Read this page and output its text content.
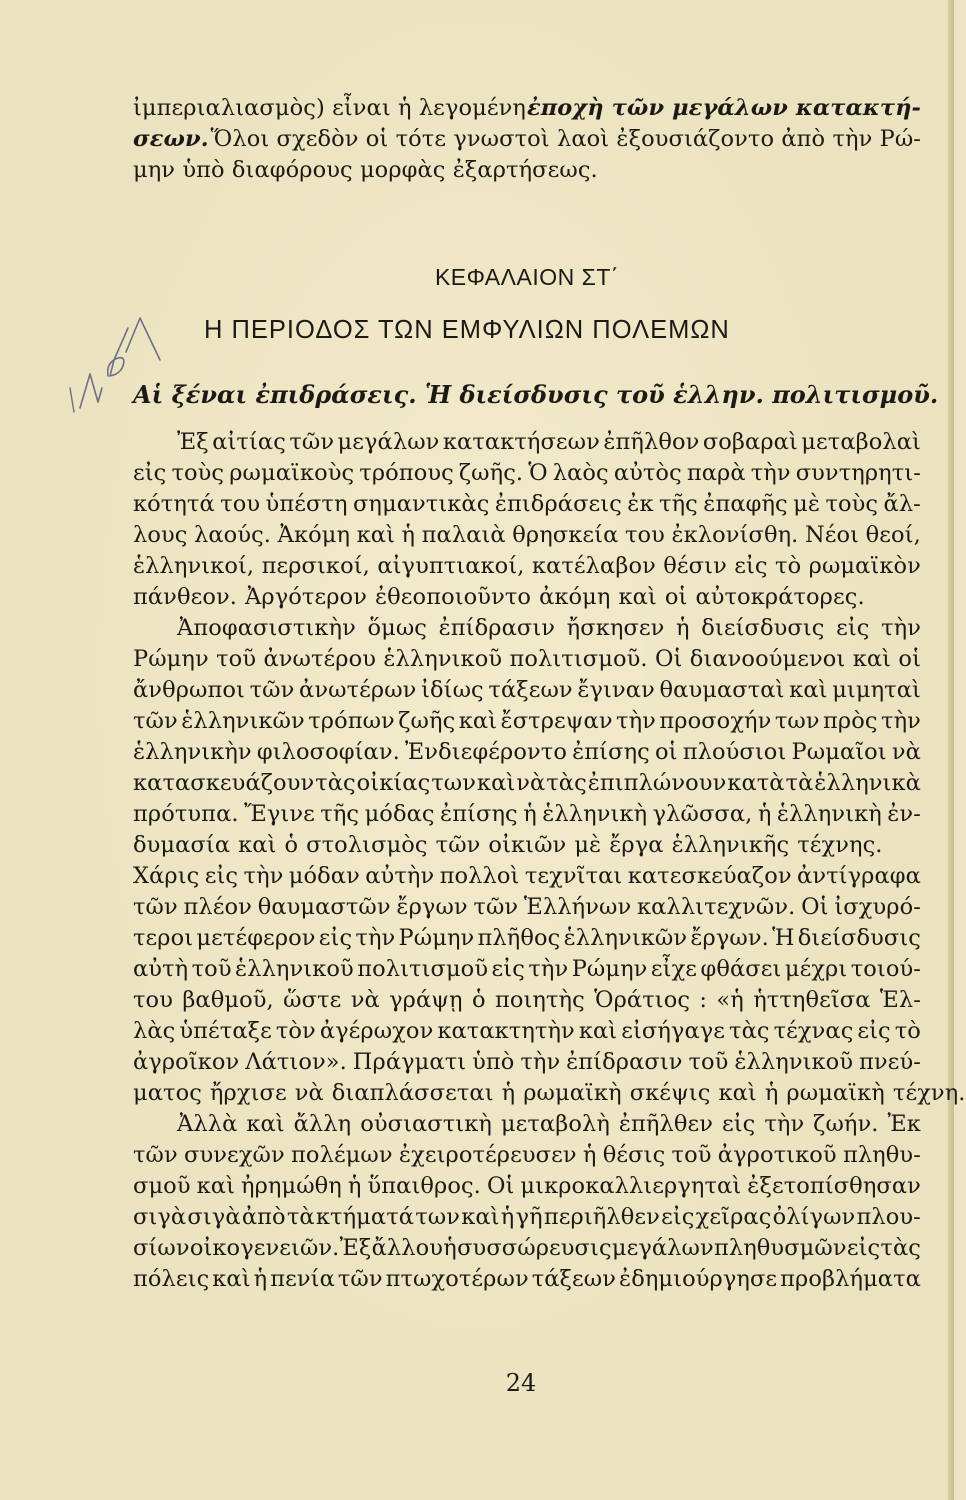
ἰμπεριαλιασμὸς) εἶναι ἡ λεγομένη ἐποχὴ τῶν μεγάλων κατακτή-
σεων. Ὅλοι σχεδὸν οἱ τότε γνωστοὶ λαοὶ ἐξουσιάζοντο ἀπὸ τὴν Ρώ-
μην ὑπὸ διαφόρους μορφὰς ἐξαρτήσεως.
ΚΕΦΑΛΑΙΟΝ ΣΤ΄
Η ΠΕΡΙΟΔΟΣ ΤΩΝ ΕΜΦΥΛΙΩΝ ΠΟΛΕΜΩΝ
Αἱ ξέναι ἐπιδράσεις. Ἡ διείσδυσις τοῦ ἑλλην. πολιτισμοῦ.
Ἐξ αἰτίας τῶν μεγάλων κατακτήσεων ἐπῆλθον σοβαραὶ μεταβολαὶ
εἰς τοὺς ρωμαϊκοὺς τρόπους ζωῆς. Ὁ λαὸς αὐτὸς παρὰ τὴν συντηρητι-
κότητά του ὑπέστη σημαντικὰς ἐπιδράσεις ἐκ τῆς ἐπαφῆς μὲ τοὺς ἄλ-
λους λαούς. Ἀκόμη καὶ ἡ παλαιὰ θρησκεία του ἐκλονίσθη. Νέοι θεοί,
ἑλληνικοί, περσικοί, αἰγυπτιακοί, κατέλαβον θέσιν εἰς τὸ ρωμαϊκὸν
πάνθεον. Ἀργότερον ἐθεοποιοῦντο ἀκόμη καὶ οἱ αὐτοκράτορες.
Ἀποφασιστικὴν ὅμως ἐπίδρασιν ἤσκησεν ἡ διείσδυσις εἰς τὴν
Ρώμην τοῦ ἀνωτέρου ἑλληνικοῦ πολιτισμοῦ. Οἱ διανοούμενοι καὶ οἱ
ἄνθρωποι τῶν ἀνωτέρων ἰδίως τάξεων ἔγιναν θαυμασταὶ καὶ μιμηταὶ
τῶν ἑλληνικῶν τρόπων ζωῆς καὶ ἔστρεψαν τὴν προσοχήν των πρὸς τὴν
ἑλληνικὴν φιλοσοφίαν. Ἐνδιεφέροντο ἐπίσης οἱ πλούσιοι Ρωμαῖοι νὰ
κατασκευάζουν τὰς οἰκίας των καὶ νὰ τὰς ἐπιπλώνουν κατὰ τὰ ἑλληνικὰ
πρότυπα. Ἔγινε τῆς μόδας ἐπίσης ἡ ἑλληνικὴ γλῶσσα, ἡ ἑλληνικὴ ἐν-
δυμασία καὶ ὁ στολισμὸς τῶν οἰκιῶν μὲ ἔργα ἑλληνικῆς τέχνης.
Χάρις εἰς τὴν μόδαν αὐτὴν πολλοὶ τεχνῖται κατεσκεύαζον ἀντίγραφα
τῶν πλέον θαυμαστῶν ἔργων τῶν Ἑλλήνων καλλιτεχνῶν. Οἱ ἰσχυρό-
τεροι μετέφερον εἰς τὴν Ρώμην πλῆθος ἑλληνικῶν ἔργων. Ἡ διείσδυσις
αὐτὴ τοῦ ἑλληνικοῦ πολιτισμοῦ εἰς τὴν Ρώμην εἶχε φθάσει μέχρι τοιού-
του βαθμοῦ, ὥστε νὰ γράψῃ ὁ ποιητὴς Ὁράτιος : «ἡ ἡττηθεῖσα Ἑλ-
λὰς ὑπέταξε τὸν ἀγέρωχον κατακτητὴν καὶ εἰσήγαγε τὰς τέχνας εἰς τὸ
ἀγροῖκον Λάτιον». Πράγματι ὑπὸ τὴν ἐπίδρασιν τοῦ ἑλληνικοῦ πνεύ-
ματος ἤρχισε νὰ διαπλάσσεται ἡ ρωμαϊκὴ σκέψις καὶ ἡ ρωμαϊκὴ τέχνη.
Ἀλλὰ καὶ ἄλλη οὐσιαστικὴ μεταβολὴ ἐπῆλθεν εἰς τὴν ζωήν. Ἐκ
τῶν συνεχῶν πολέμων ἐχειροτέρευσεν ἡ θέσις τοῦ ἀγροτικοῦ πληθυ-
σμοῦ καὶ ἠρημώθη ἡ ὕπαιθρος. Οἱ μικροκαλλιεργηταὶ ἐξετοπίσθησαν
σιγὰ σιγὰ ἀπὸ τὰ κτήματά των καὶ ἡ γῆ περιῆλθεν εἰς χεῖρας ὀλίγων πλου-
σίων οἰκογενειῶν. Ἐξ ἄλλου ἡ συσσώρευσις μεγάλων πληθυσμῶν εἰς τὰς
πόλεις καὶ ἡ πενία τῶν πτωχοτέρων τάξεων ἐδημιούργησε προβλήματα
24
